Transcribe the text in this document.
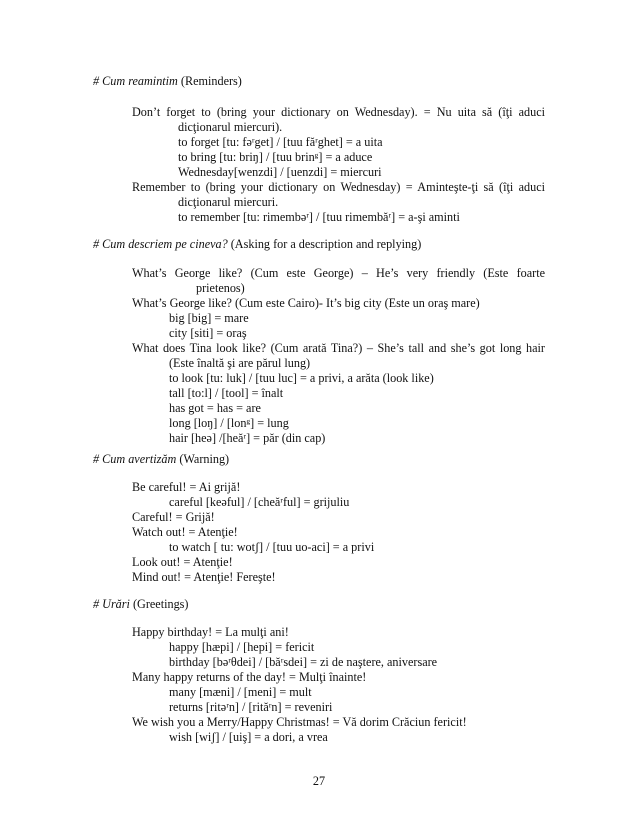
# Cum reamintim (Reminders)
Don’t forget to (bring your dictionary on Wednesday). = Nu uita să (îţi aduci
dicţionarul miercuri).
to forget [tu: fəʳget] / [tuu făʳghet] = a uita
to bring [tu: briŋ] / [tuu brinᵍ] = a aduce
Wednesday[wenzdi] / [uenzdi] = miercuri
Remember to (bring your dictionary on Wednesday) = Aminteşte-ţi să (îţi aduci
dicţionarul miercuri.
to remember [tu: rimembəʳ] / [tuu rimembăʳ] = a-şi aminti
# Cum descriem pe cineva? (Asking for a description and replying)
What’s George like? (Cum este George) – He’s very friendly (Este foarte
prietenos)
What’s George like? (Cum este Cairo)- It’s big city (Este un oraş mare)
big [big] = mare
city [siti] = oraş
What does Tina look like? (Cum arată Tina?) – She’s tall and she’s got long hair
(Este înaltă şi are părul lung)
to look [tu: luk] / [tuu luc] = a privi, a arăta (look like)
tall [to:l] / [tool] = înalt
has got = has = are
long [loŋ] / [lonᵍ] = lung
hair [heə] /[heăʳ] = păr (din cap)
# Cum avertizăm (Warning)
Be careful! = Ai grijă!
careful [keəful] / [cheăʳful] = grijuliu
Careful! = Grijă!
Watch out! = Atenţie!
to watch [ tu: wotʃ] / [tuu uo-aci] = a privi
Look out! = Atenţie!
Mind out! = Atenţie! Fereşte!
# Urări (Greetings)
Happy birthday! = La mulţi ani!
happy [hæpi] / [hepi] = fericit
birthday [bəʳθdei] / [băʳsdei] = zi de naştere, aniversare
Many happy returns of the day! = Mulţi înainte!
many [mæni] / [meni] = mult
returns [ritəʳn] / [rităʳn] = reveniri
We wish you a Merry/Happy Christmas! = Vă dorim Crăciun fericit!
wish [wiʃ] / [uiş] = a dori, a vrea
27
